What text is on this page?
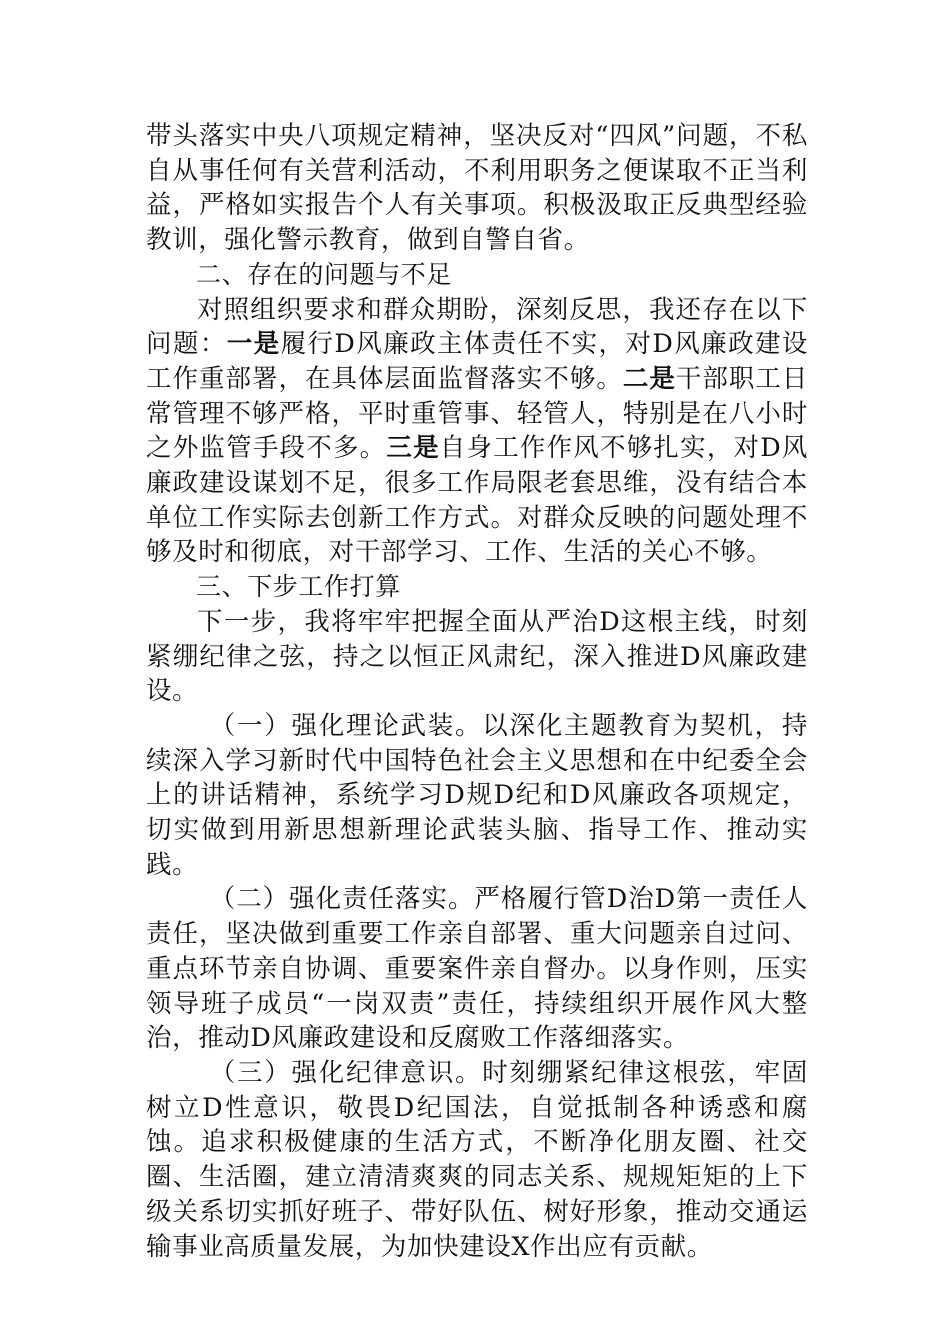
带头落实中央八项规定精神，坚决反对“四风”问题，不私自从事任何有关营利活动，不利用职务之便谋取不正当利益，严格如实报告个人有关事项。积极汲取正反典型经验教训，强化警示教育，做到自警自省。

二、存在的问题与不足

对照组织要求和群众期盼，深刻反思，我还存在以下问题：一是履行D风廉政主体责任不实，对D风廉政建设工作重部署，在具体层面监督落实不够。二是干部职工日常管理不够严格，平时重管事、轻管人，特别是在八小时之外监管手段不多。三是自身工作作风不够扎实，对D风廉政建设谋划不足，很多工作局限老套思维，没有结合本单位工作实际去创新工作方式。对群众反映的问题处理不够及时和彻底，对干部学习、工作、生活的关心不够。

三、下步工作打算

下一步，我将牢牢把握全面从严治D这根主线，时刻紧绷纪律之弦，持之以恒正风肃纪，深入推进D风廉政建设。

（一）强化理论武装。以深化主题教育为契机，持续深入学习新时代中国特色社会主义思想和在中纪委全会上的讲话精神，系统学习D规D纪和D风廉政各项规定，切实做到用新思想新理论武装头脑、指导工作、推动实践。

（二）强化责任落实。严格履行管D治D第一责任人责任，坚决做到重要工作亲自部署、重大问题亲自过问、重点环节亲自协调、重要案件亲自督办。以身作则，压实领导班子成员“一岗双责”责任，持续组织开展作风大整治，推动D风廉政建设和反腐败工作落细落实。

（三）强化纪律意识。时刻绷紧纪律这根弦，牢固树立D性意识，敬畏D纪国法，自觉抵制各种诱惑和腐蚀。追求积极健康的生活方式，不断净化朋友圈、社交圈、生活圈，建立清清爽爽的同志关系、规规矩矩的上下级关系切实抓好班子、带好队伍、树好形象，推动交通运输事业高质量发展，为加快建设X作出应有贡献。
